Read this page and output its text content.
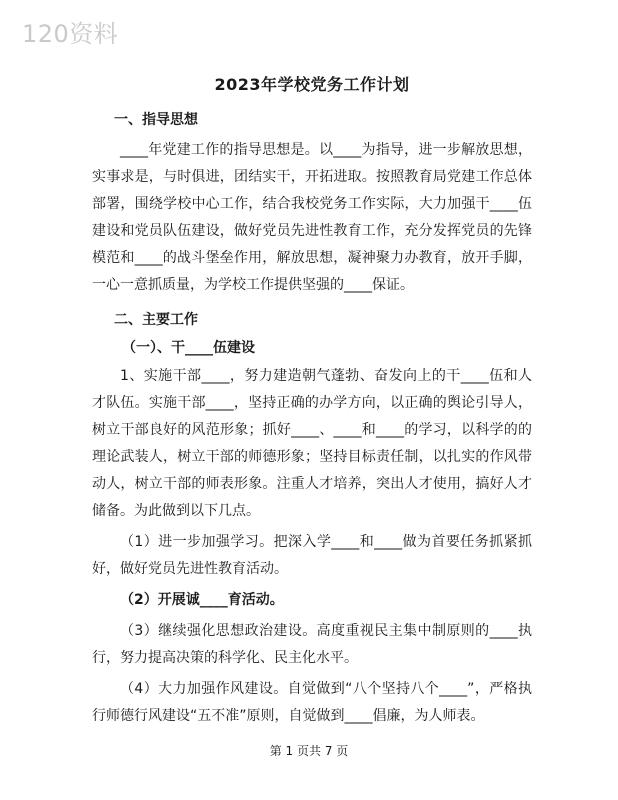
120资料
2023年学校党务工作计划
一、指导思想

____年党建工作的指导思想是。以____为指导，进一步解放思想，实事求是，与时俱进，团结实干，开拓进取。按照教育局党建工作总体部署，围绕学校中心工作，结合我校党务工作实际，大力加强干____伍建设和党员队伍建设，做好党员先进性教育工作，充分发挥党员的先锋模范和____的战斗堡垒作用，解放思想，凝神聚力办教育，放开手脚，一心一意抓质量，为学校工作提供坚强的____保证。

二、主要工作
（一）、干____伍建设

1、实施干部____，努力建造朝气蓬勃、奋发向上的干____伍和人才队伍。实施干部____，坚持正确的办学方向，以正确的舆论引导人，树立干部良好的风范形象；抓好____、____和____的学习，以科学的的理论武装人，树立干部的师德形象；坚持目标责任制，以扎实的作风带动人，树立干部的师表形象。注重人才培养，突出人才使用，搞好人才储备。为此做到以下几点。

（1）进一步加强学习。把深入学____和____做为首要任务抓紧抓好，做好党员先进性教育活动。

（2）开展诚____育活动。

（3）继续强化思想政治建设。高度重视民主集中制原则的____执行，努力提高决策的科学化、民主化水平。

（4）大力加强作风建设。自觉做到“八个坚持八个____”，严格执行师德行风建设“五不准”原则，自觉做到____倡廉，为人师表。

第 1 页共 7 页
